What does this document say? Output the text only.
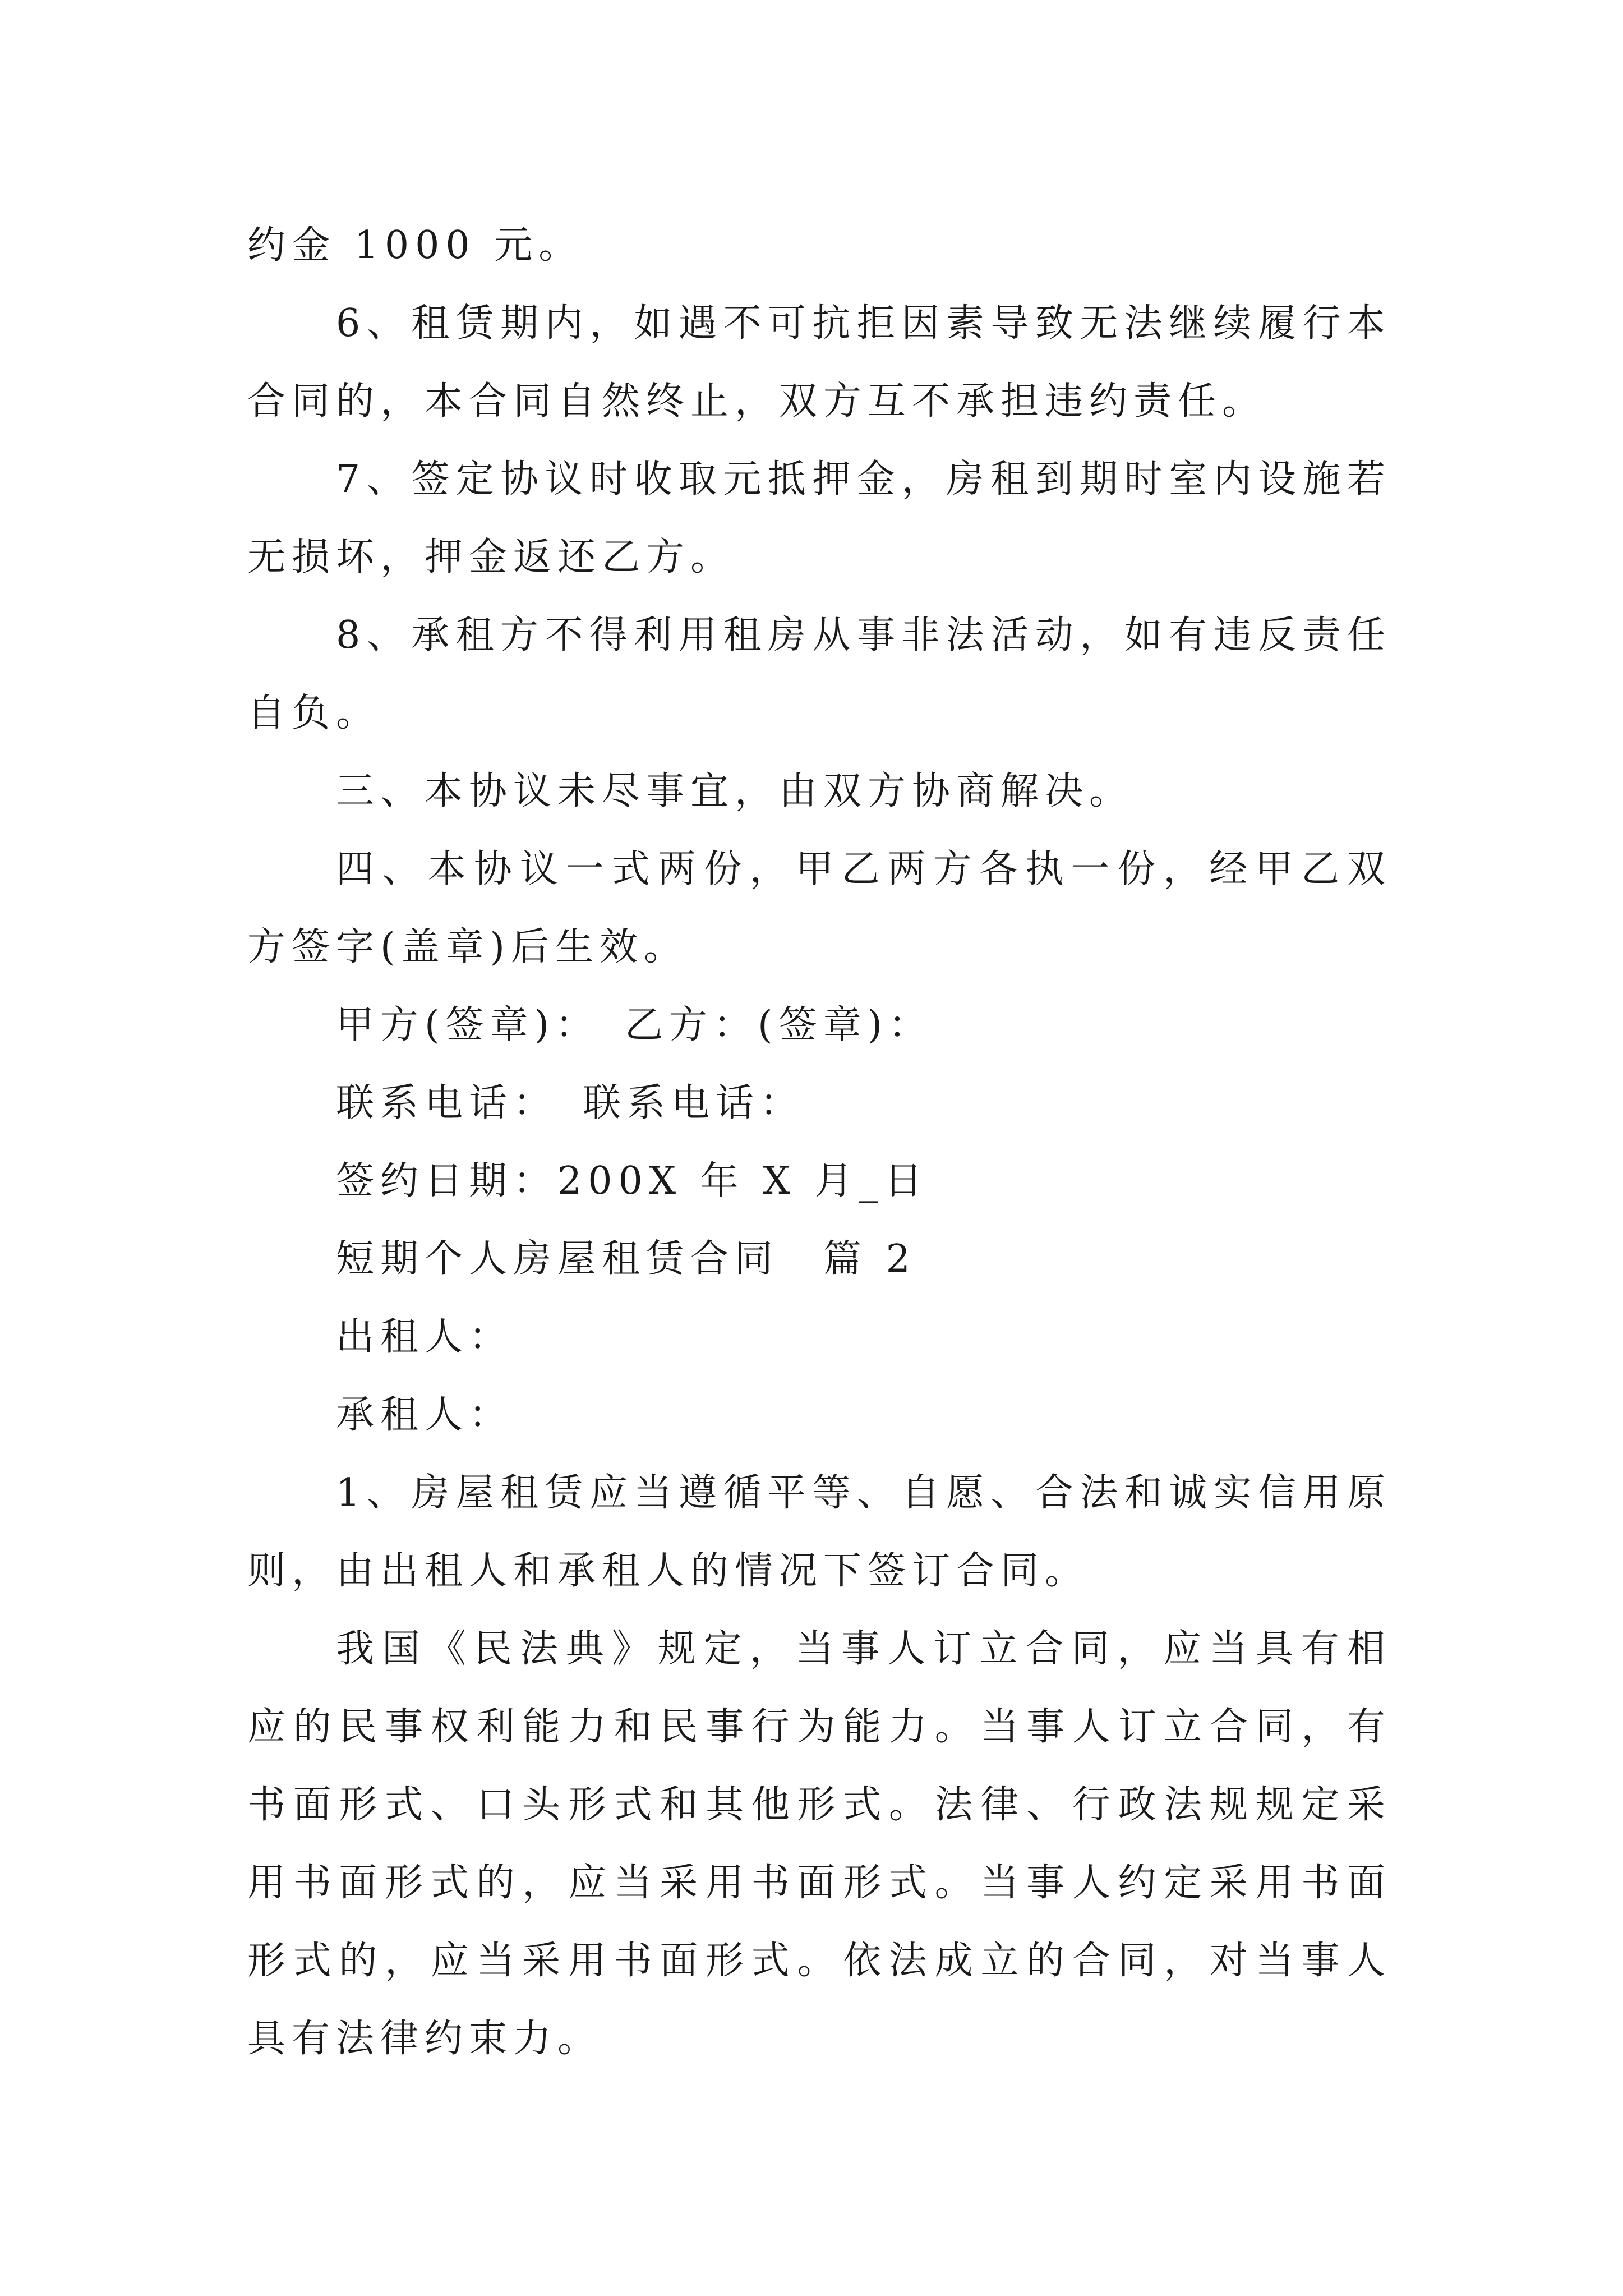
约金 1000 元。

6、租赁期内，如遇不可抗拒因素导致无法继续履行本合同的，本合同自然终止，双方互不承担违约责任。

7、签定协议时收取元抵押金，房租到期时室内设施若无损坏，押金返还乙方。

8、承租方不得利用租房从事非法活动，如有违反责任自负。

三、本协议未尽事宜，由双方协商解决。

四、本协议一式两份，甲乙两方各执一份，经甲乙双方签字(盖章)后生效。

甲方(签章)：　乙方：(签章)：

联系电话：　联系电话：

签约日期：200X 年 X 月_日

短期个人房屋租赁合同　篇 2

出租人：

承租人：

1、房屋租赁应当遵循平等、自愿、合法和诚实信用原则，由出租人和承租人的情况下签订合同。

我国《民法典》规定，当事人订立合同，应当具有相应的民事权利能力和民事行为能力。当事人订立合同，有书面形式、口头形式和其他形式。法律、行政法规规定采用书面形式的，应当采用书面形式。当事人约定采用书面形式的，应当采用书面形式。依法成立的合同，对当事人具有法律约束力。
